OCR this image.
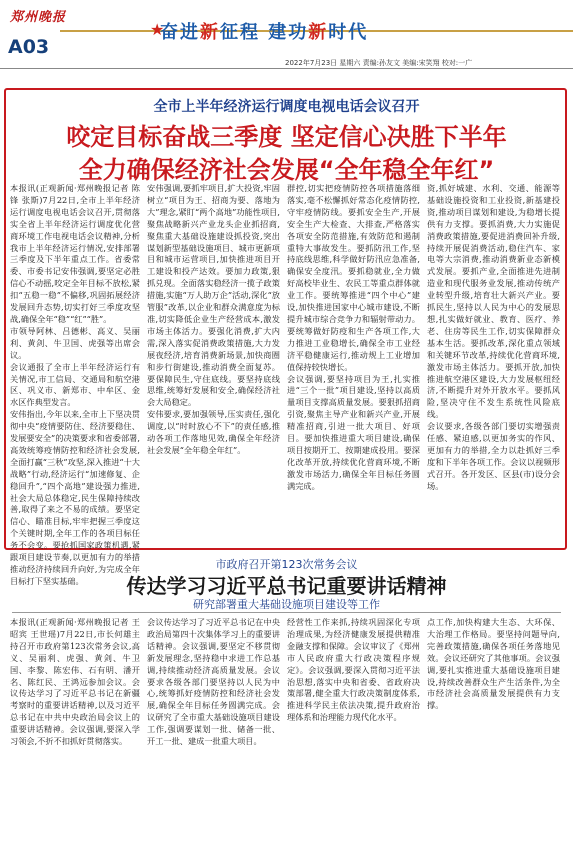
郑州晚报
A03
★
奋进新征程 建功新时代
2022年7月23日 星期六 责编:孙友文 美编:宋笑翔 校对:一广
全市上半年经济运行调度电视电话会议召开
咬定目标奋战三季度 坚定信心决胜下半年
全力确保经济社会发展“全年稳全年红”
本报讯(正观新闻·郑州晚报记者 陈锋 张斯)7月22日,全市上半年经济运行调度电视电话会议召开,贯彻落实全省上半年经济运行调度优化营商环境工作电视电话会议精神,分析我市上半年经济运行情况,安排部署三季度及下半年重点工作。省委常委、市委书记安伟强调,要坚定必胜信心不动摇,咬定全年目标不放松,紧扣“五稳一稳”不偏移,巩固拓展经济发展回升态势,切实打好三季度攻坚战,确保全年“稳”“红”“胜”。
市领导阿林、吕德彬、高义、吴丽利、黄剑、牛卫国、虎强等出席会议。
会议通报了全市上半年经济运行有关情况,市工信局、交通局和航空港区、巩义市、新郑市、中牟区、金水区作典型发言。
安伟指出,今年以来,全市上下坚决贯彻中央“疫情要防住、经济要稳住、发展要安全”的决策要求和省委部署,高效统筹疫情防控和经济社会发展,全面打赢“三秋”攻坚,深入推进“十大战略”行动,经济运行“加速修复、企稳回升”,“四个高地”建设强力推进,社会大局总体稳定,民生保障持续改善,取得了来之不易的成绩。要坚定信心、瞄准目标,牢牢把握三季度这个关键时期,全年工作的各项目标任务不会变。要抢抓国家政策机遇,紧跟项目建设节奏,以更加有力的举措推动经济持续回升向好,为完成全年目标打下坚实基础。
安伟强调,要抓牢项目,扩大投资,牢固树立“项目为王、招商为要、落地为大”理念,紧盯“两个高地”功能性项目,聚焦战略新兴产业龙头企业抓招商,聚焦重大基础设施建设抓投资,突出谋划新型基础设施项目、城市更新项目和城市运营项目,加快推进项目开工建设和投产达效。要加力政策,狠抓兑现。全面落实稳经济一揽子政策措施,实施“万人助万企”活动,深化“放管服”改革,以企业和群众满意度为标准,切实降低企业生产经营成本,激发市场主体活力。要强化消费,扩大内需,深入落实促消费政策措施,大力发展夜经济,培育消费新场景,加快商圈和步行街建设,推动消费全面复苏。要保障民生,守住底线。要坚持底线思维,统筹好发展和安全,确保经济社会大局稳定。
安伟要求,要加强领导,压实责任,强化调度,以“时时放心不下”的责任感,推动各项工作落地见效,确保全年经济社会发展“全年稳全年红”。
群控,切实把疫情防控各项措施落细落实,毫不松懈抓好常态化疫情防控,守牢疫情防线。要抓安全生产,开展安全生产大检查、大排查,严格落实各项安全防范措施,有效防范和遏制重特大事故发生。要抓防汛工作,坚持底线思维,科学做好防汛应急准备,确保安全度汛。要抓稳就业,全力做好高校毕业生、农民工等重点群体就业工作。要统筹推进“四个中心”建设,加快推进国家中心城市建设,不断提升城市综合竞争力和辐射带动力。要统筹做好防疫和生产各项工作,大力推进工业稳增长,确保全市工业经济平稳健康运行,推动规上工业增加值保持较快增长。
会议强调,要坚持项目为王,扎实推进“三个一批”项目建设,坚持以高质量项目支撑高质量发展。要狠抓招商引资,聚焦主导产业和新兴产业,开展精准招商,引进一批大项目、好项目。要加快推进重大项目建设,确保项目按期开工、按期建成投用。要深化改革开放,持续优化营商环境,不断激发市场活力,确保全年目标任务圆满完成。
资,抓好城建、水利、交通、能源等基础设施投资和工业投资,新基建投资,推动项目谋划和建设,为稳增长提供有力支撑。要抓消费,大力实施促消费政策措施,要促进消费回补升级,持续开展促消费活动,稳住汽车、家电等大宗消费,推动消费新业态新模式发展。要抓产业,全面推进先进制造业和现代服务业发展,推动传统产业转型升级,培育壮大新兴产业。要抓民生,坚持以人民为中心的发展思想,扎实做好就业、教育、医疗、养老、住房等民生工作,切实保障群众基本生活。要抓改革,深化重点领域和关键环节改革,持续优化营商环境,激发市场主体活力。要抓开放,加快推进航空港区建设,大力发展枢纽经济,不断提升对外开放水平。要抓风险,坚决守住不发生系统性风险底线。
会议要求,各级各部门要切实增强责任感、紧迫感,以更加务实的作风、更加有力的举措,全力以赴抓好三季度和下半年各项工作。会议以视频形式召开。各开发区、区县(市)设分会场。
市政府召开第123次常务会议
传达学习习近平总书记重要讲话精神
研究部署重大基础设施项目建设等工作
本报讯(正观新闻·郑州晚报记者 王昭宾 王世瑶)7月22日,市长何雄主持召开市政府第123次常务会议,高义、吴丽利、虎强、黄剑、牛卫国、李黎、陈宏伟、石有明、潘开名、陈红民、王鸿远参加会议。会议传达学习了习近平总书记在新疆考察时的重要讲话精神,以及习近平总书记在中共中央政治局会议上的重要讲话精神。会议强调,要深入学习领会,不折不扣抓好贯彻落实。
会议传达学习了习近平总书记在中央政治局第四十次集体学习上的重要讲话精神。会议强调,要坚定不移贯彻新发展理念,坚持稳中求进工作总基调,持续推动经济高质量发展。会议要求各级各部门要坚持以人民为中心,统筹抓好疫情防控和经济社会发展,确保全年目标任务圆满完成。会议研究了全市重大基础设施项目建设工作,强调要谋划一批、储备一批、开工一批、建成一批重大项目。
经营性工作来抓,持续巩固深化专项治理成果,为经济健康发展提供精准金融支撑和保障。会议审议了《郑州市人民政府重大行政决策程序规定》。会议强调,要深入贯彻习近平法治思想,落实中央和省委、省政府决策部署,健全重大行政决策制度体系,推进科学民主依法决策,提升政府治理体系和治理能力现代化水平。
点工作,加快构建大生态、大环保、大治理工作格局。要坚持问题导向,完善政策措施,确保各项任务落地见效。会议还研究了其他事项。会议强调,要扎实推进重大基础设施项目建设,持续改善群众生产生活条件,为全市经济社会高质量发展提供有力支撑。
